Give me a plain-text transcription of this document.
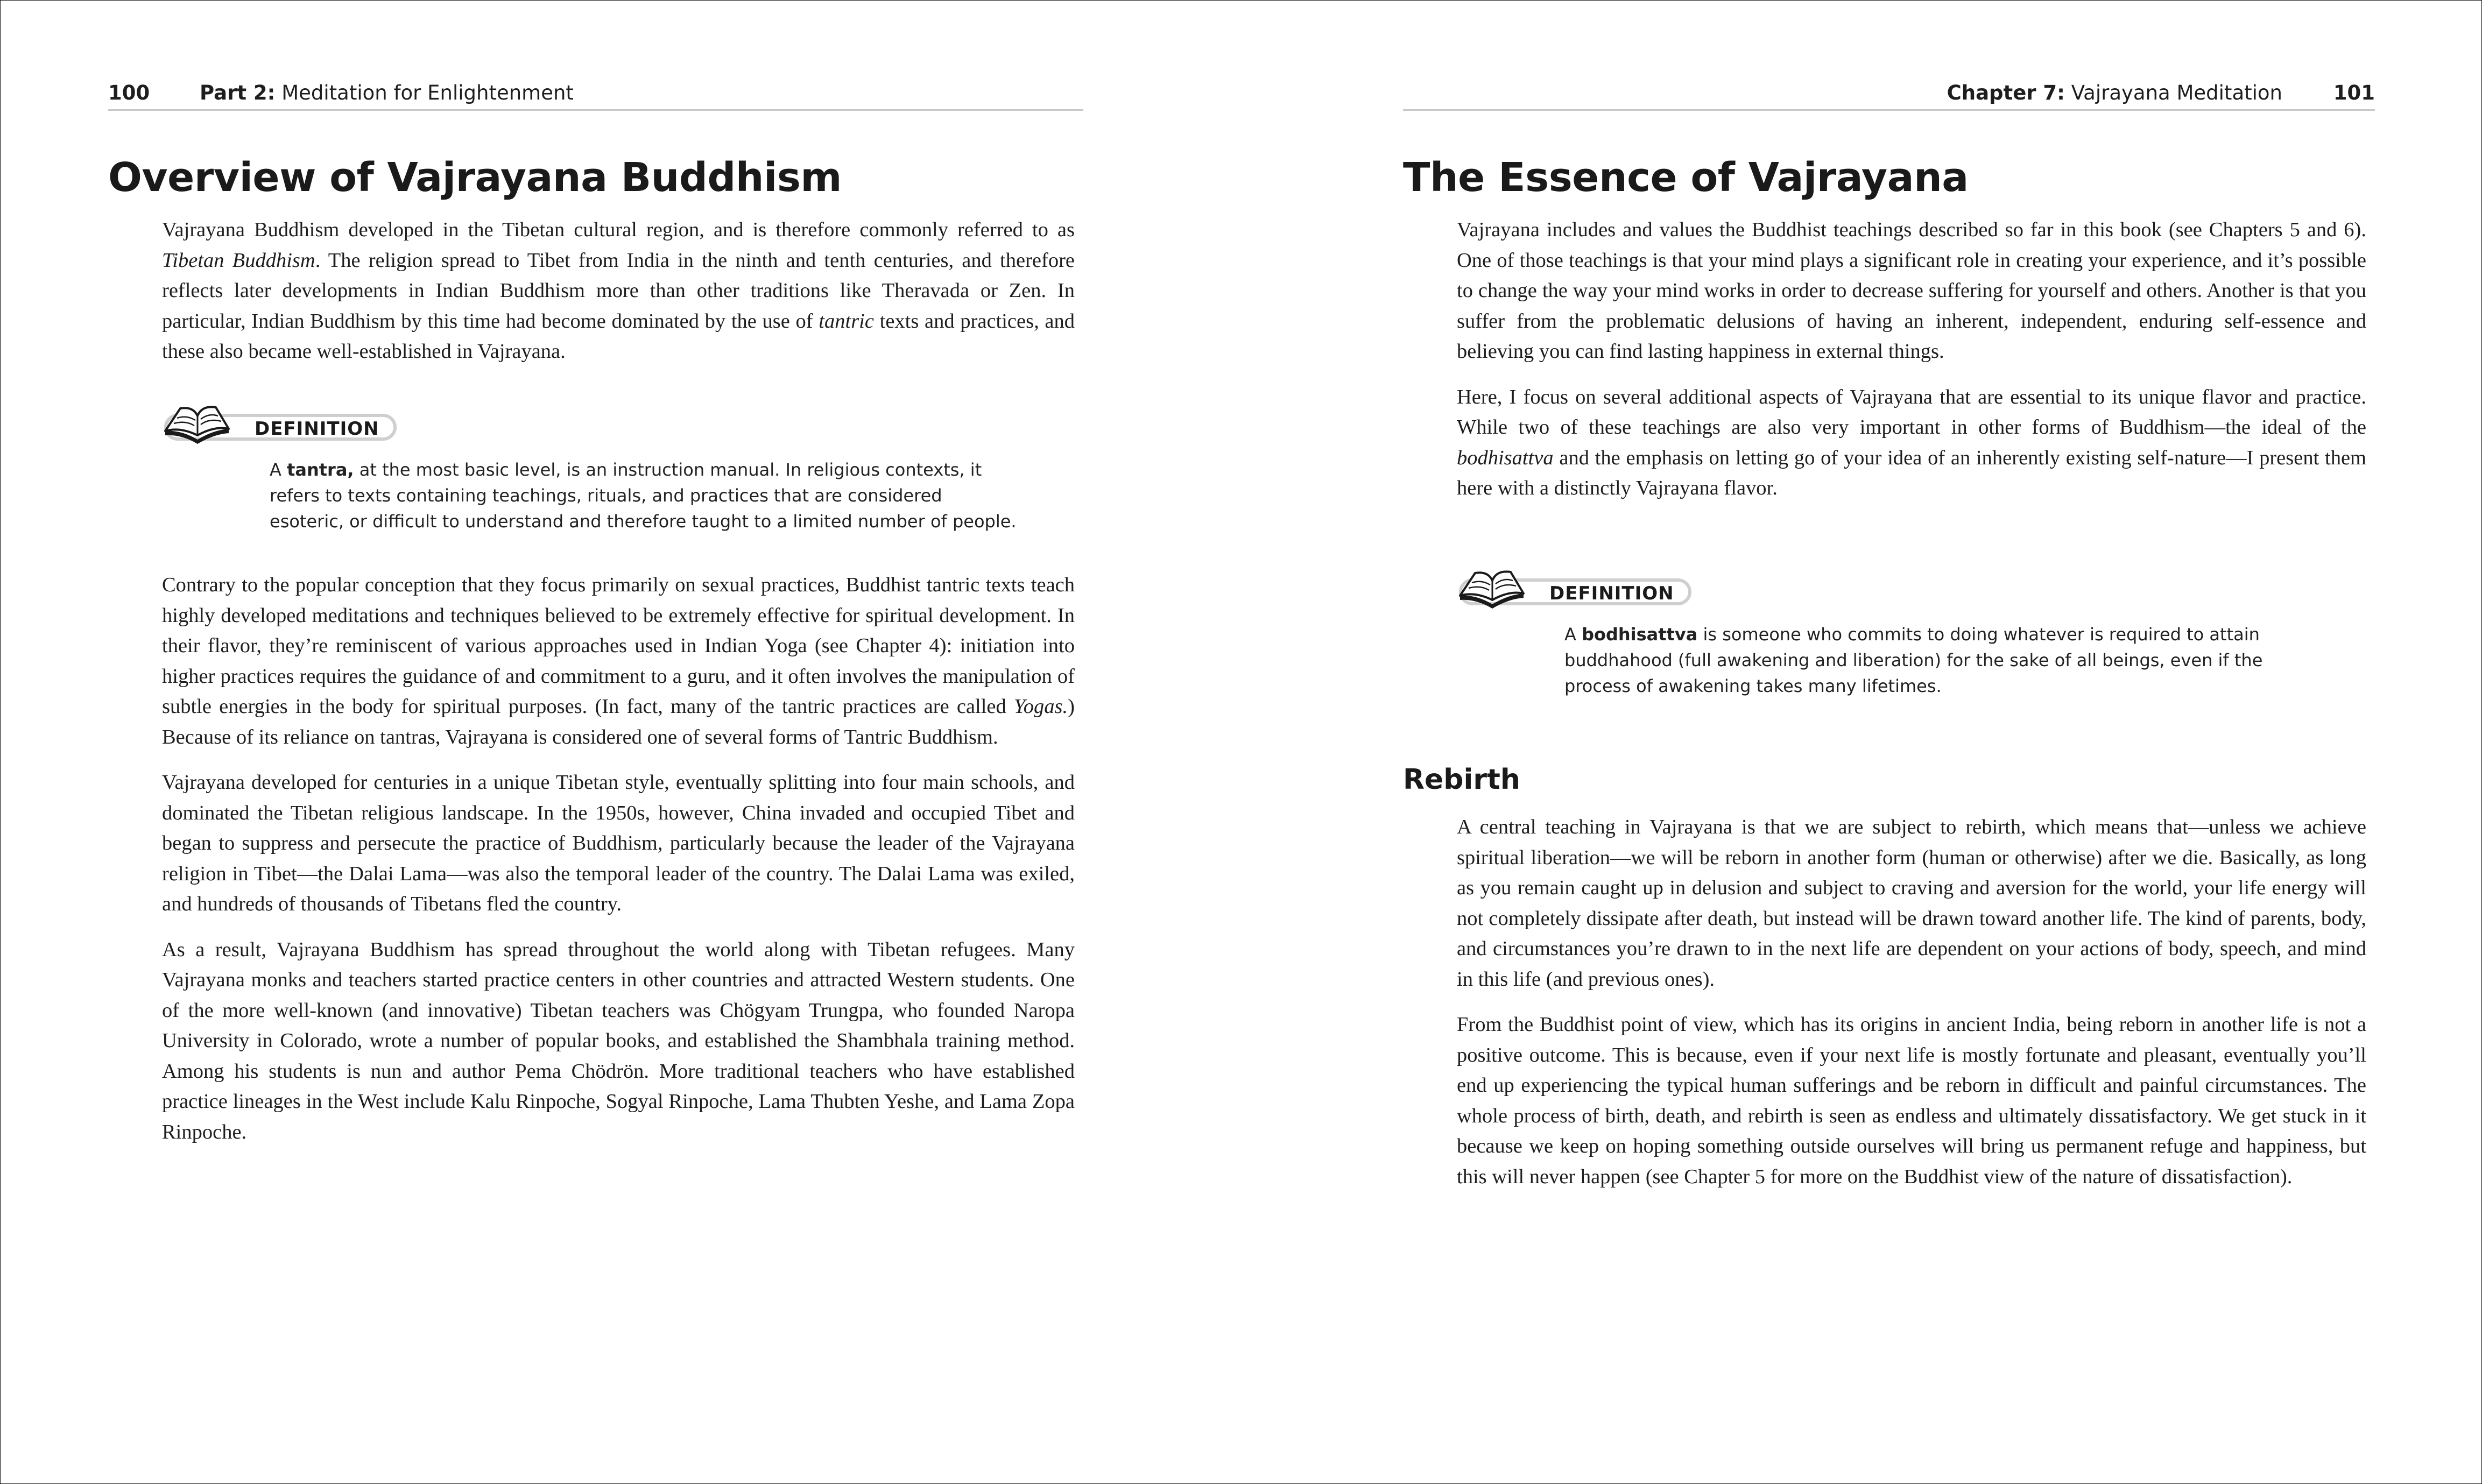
100	Part 2: Meditation for Enlightenment
Overview of Vajrayana Buddhism

Vajrayana Buddhism developed in the Tibetan cultural region, and is therefore commonly referred to as Tibetan Buddhism. The religion spread to Tibet from India in the ninth and tenth centuries, and therefore reflects later developments in Indian Buddhism more than other traditions like Theravada or Zen. In particular, Indian Buddhism by this time had become dominated by the use of tantric texts and practices, and these also became well-established in Vajrayana.

DEFINITION
A tantra, at the most basic level, is an instruction manual. In religious contexts, it refers to texts containing teachings, rituals, and practices that are considered esoteric, or difficult to understand and therefore taught to a limited number of people.

Contrary to the popular conception that they focus primarily on sexual practices, Buddhist tantric texts teach highly developed meditations and techniques believed to be extremely effective for spiritual development. In their flavor, they’re reminiscent of various approaches used in Indian Yoga (see Chapter 4): initiation into higher practices requires the guidance of and commitment to a guru, and it often involves the manipulation of subtle energies in the body for spiritual purposes. (In fact, many of the tantric practices are called Yogas.) Because of its reliance on tantras, Vajrayana is considered one of several forms of Tantric Buddhism.

Vajrayana developed for centuries in a unique Tibetan style, eventually splitting into four main schools, and dominated the Tibetan religious landscape. In the 1950s, however, China invaded and occupied Tibet and began to suppress and persecute the practice of Buddhism, particularly because the leader of the Vajrayana religion in Tibet—the Dalai Lama—was also the temporal leader of the country. The Dalai Lama was exiled, and hundreds of thousands of Tibetans fled the country.

As a result, Vajrayana Buddhism has spread throughout the world along with Tibetan refugees. Many Vajrayana monks and teachers started practice centers in other countries and attracted Western students. One of the more well-known (and innovative) Tibetan teachers was Chögyam Trungpa, who founded Naropa University in Colorado, wrote a number of popular books, and established the Shambhala training method. Among his students is nun and author Pema Chödrön. More traditional teachers who have established practice lineages in the West include Kalu Rinpoche, Sogyal Rinpoche, Lama Thubten Yeshe, and Lama Zopa Rinpoche.

Chapter 7: Vajrayana Meditation	101
The Essence of Vajrayana

Vajrayana includes and values the Buddhist teachings described so far in this book (see Chapters 5 and 6). One of those teachings is that your mind plays a significant role in creating your experience, and it’s possible to change the way your mind works in order to decrease suffering for yourself and others. Another is that you suffer from the problematic delusions of having an inherent, independent, enduring self-essence and believing you can find lasting happiness in external things.

Here, I focus on several additional aspects of Vajrayana that are essential to its unique flavor and practice. While two of these teachings are also very important in other forms of Buddhism—the ideal of the bodhisattva and the emphasis on letting go of your idea of an inherently existing self-nature—I present them here with a distinctly Vajrayana flavor.

DEFINITION
A bodhisattva is someone who commits to doing whatever is required to attain buddhahood (full awakening and liberation) for the sake of all beings, even if the process of awakening takes many lifetimes.
Rebirth

A central teaching in Vajrayana is that we are subject to rebirth, which means that—unless we achieve spiritual liberation—we will be reborn in another form (human or otherwise) after we die. Basically, as long as you remain caught up in delusion and subject to craving and aversion for the world, your life energy will not completely dissipate after death, but instead will be drawn toward another life. The kind of parents, body, and circumstances you’re drawn to in the next life are dependent on your actions of body, speech, and mind in this life (and previous ones).

From the Buddhist point of view, which has its origins in ancient India, being reborn in another life is not a positive outcome. This is because, even if your next life is mostly fortunate and pleasant, eventually you’ll end up experiencing the typical human sufferings and be reborn in difficult and painful circumstances. The whole process of birth, death, and rebirth is seen as endless and ultimately dissatisfactory. We get stuck in it because we keep on hoping something outside ourselves will bring us permanent refuge and happiness, but this will never happen (see Chapter 5 for more on the Buddhist view of the nature of dissatisfaction).
